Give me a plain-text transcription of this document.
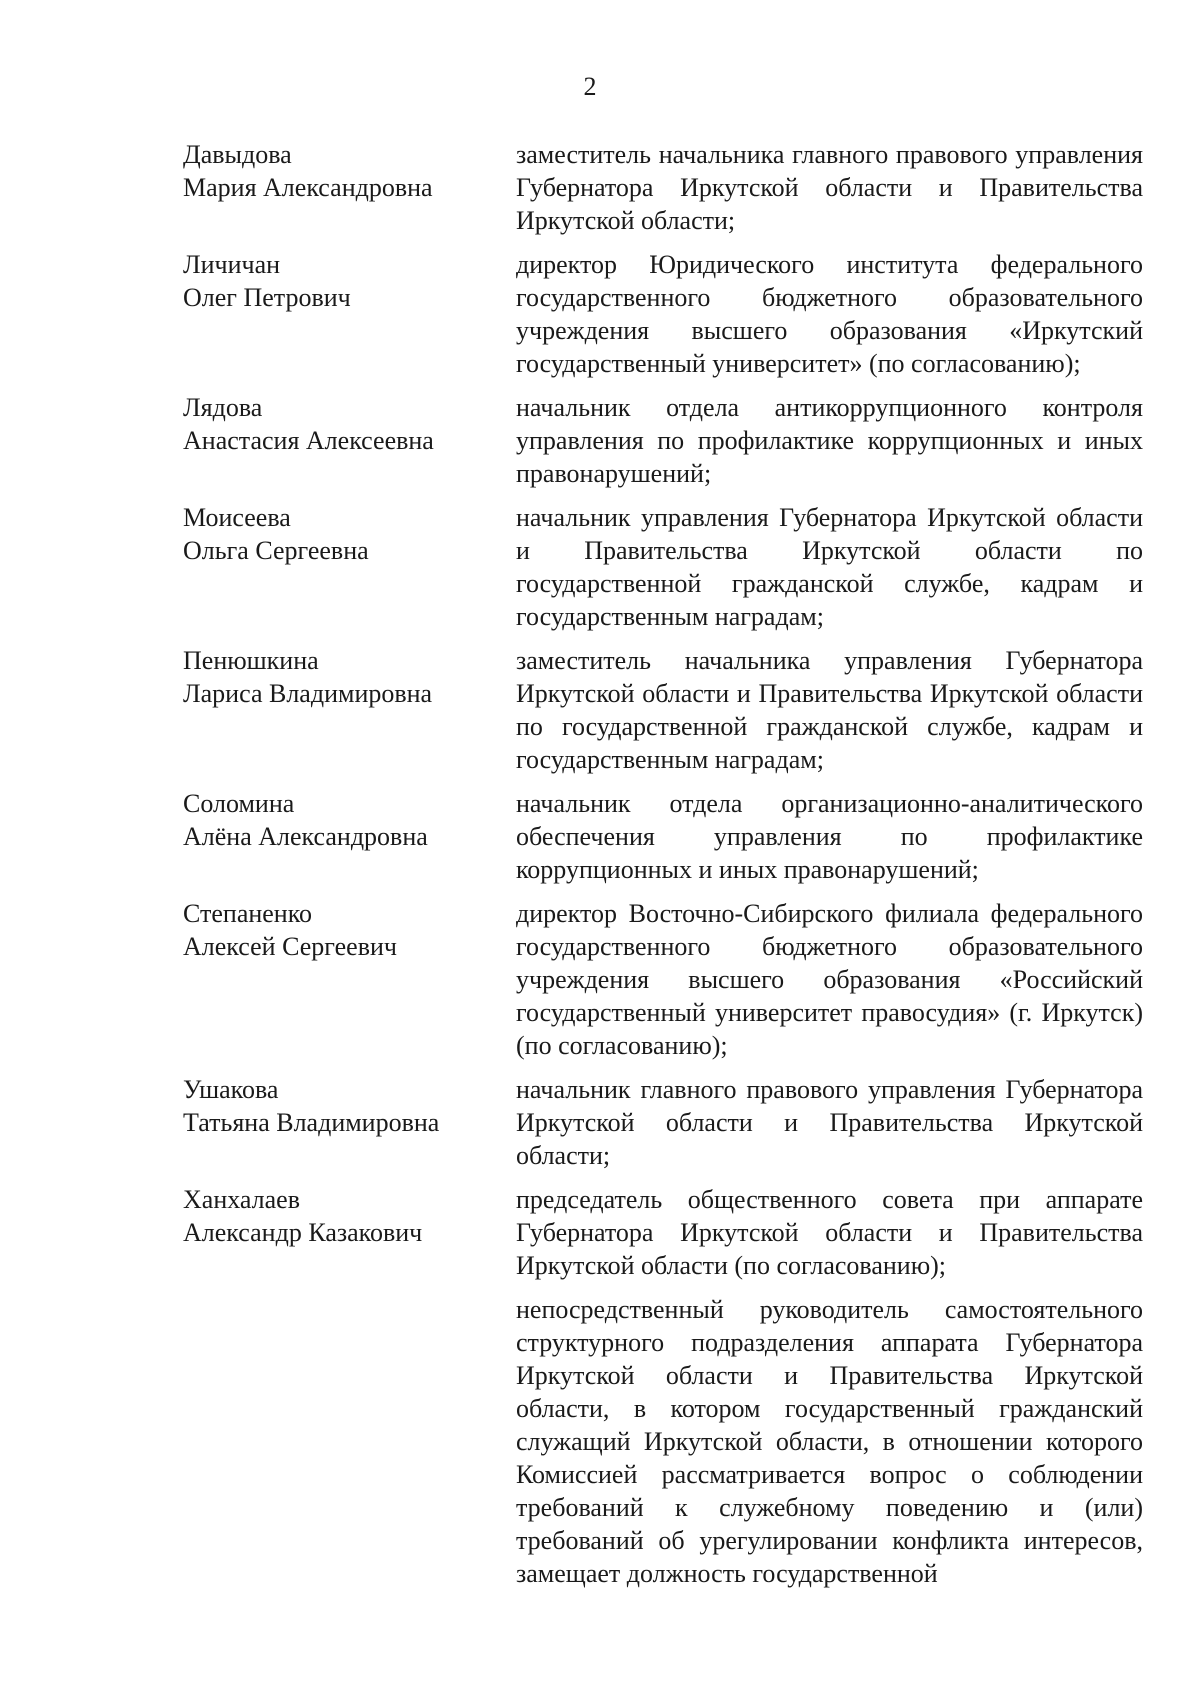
2
Давыдова
Мария Александровна
заместитель начальника главного правового управления Губернатора Иркутской области и Правительства Иркутской области;
Личичан
Олег Петрович
директор Юридического института федерального государственного бюджетного образовательного учреждения высшего образования «Иркутский государственный университет» (по согласованию);
Лядова
Анастасия Алексеевна
начальник отдела антикоррупционного контроля управления по профилактике коррупционных и иных правонарушений;
Моисеева
Ольга Сергеевна
начальник управления Губернатора Иркутской области и Правительства Иркутской области по государственной гражданской службе, кадрам и государственным наградам;
Пенюшкина
Лариса Владимировна
заместитель начальника управления Губернатора Иркутской области и Правительства Иркутской области по государственной гражданской службе, кадрам и государственным наградам;
Соломина
Алёна Александровна
начальник отдела организационно-аналитического обеспечения управления по профилактике коррупционных и иных правонарушений;
Степаненко
Алексей Сергеевич
директор Восточно-Сибирского филиала федерального государственного бюджетного образовательного учреждения высшего образования «Российский государственный университет правосудия» (г. Иркутск) (по согласованию);
Ушакова
Татьяна Владимировна
начальник главного правового управления Губернатора Иркутской области и Правительства Иркутской области;
Ханхалаев
Александр Казакович
председатель общественного совета при аппарате Губернатора Иркутской области и Правительства Иркутской области (по согласованию);
непосредственный руководитель самостоятельного структурного подразделения аппарата Губернатора Иркутской области и Правительства Иркутской области, в котором государственный гражданский служащий Иркутской области, в отношении которого Комиссией рассматривается вопрос о соблюдении требований к служебному поведению и (или) требований об урегулировании конфликта интересов, замещает должность государственной
